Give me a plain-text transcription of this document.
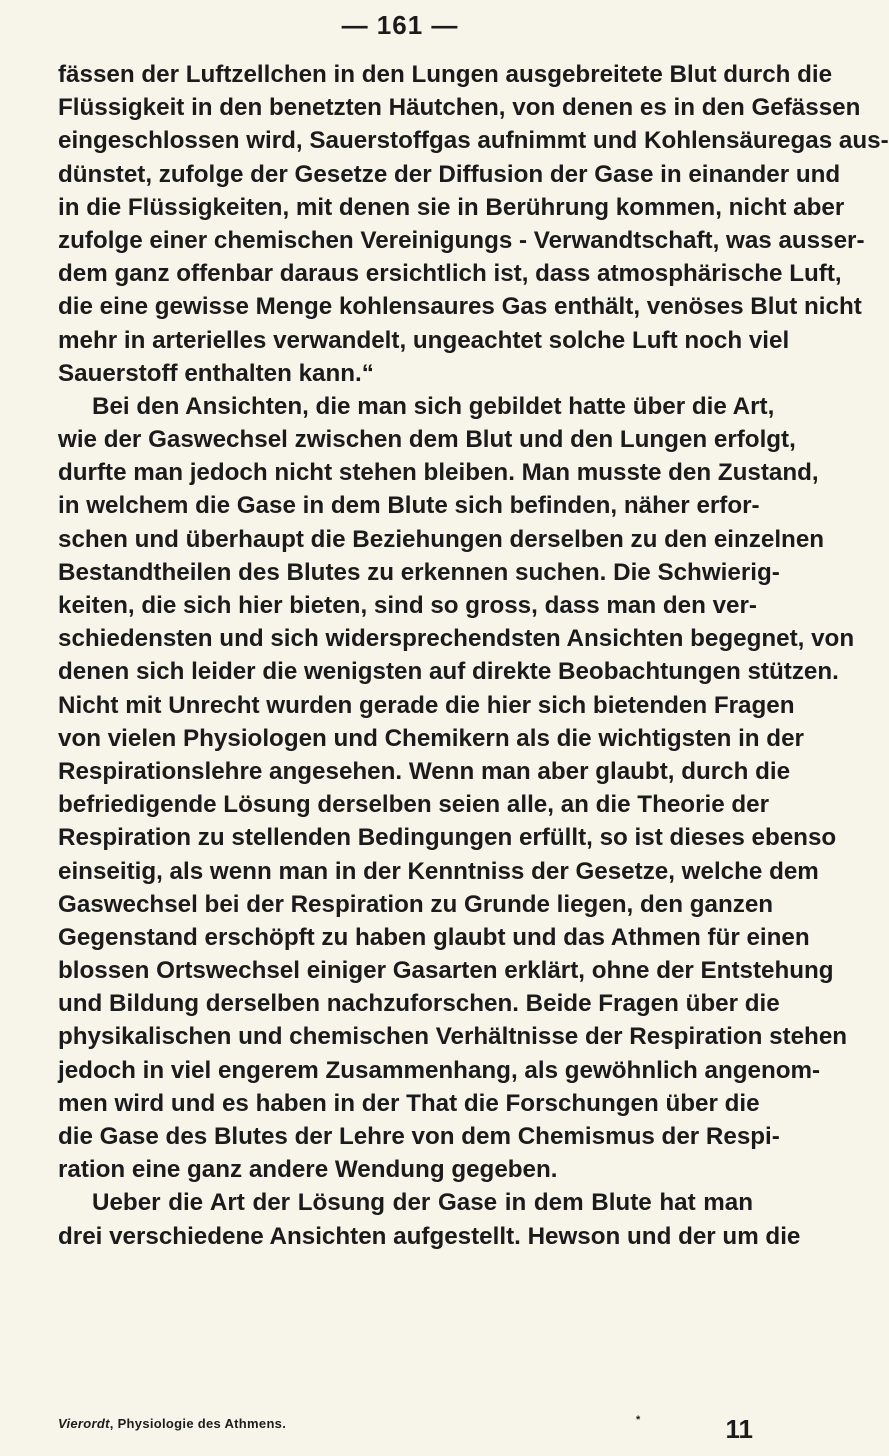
— 161 —
fässen der Luftzellchen in den Lungen ausgebreitete Blut durch die
Flüssigkeit in den benetzten Häutchen, von denen es in den Gefässen
eingeschlossen wird, Sauerstoffgas aufnimmt und Kohlensäuregas aus-
dünstet, zufolge der Gesetze der Diffusion der Gase in einander und
in die Flüssigkeiten, mit denen sie in Berührung kommen, nicht aber
zufolge einer chemischen Vereinigungs - Verwandtschaft, was ausser-
dem ganz offenbar daraus ersichtlich ist, dass atmosphärische Luft,
die eine gewisse Menge kohlensaures Gas enthält, venöses Blut nicht
mehr in arterielles verwandelt, ungeachtet solche Luft noch viel
Sauerstoff enthalten kann.“
Bei den Ansichten, die man sich gebildet hatte über die Art,
wie der Gaswechsel zwischen dem Blut und den Lungen erfolgt,
durfte man jedoch nicht stehen bleiben. Man musste den Zustand,
in welchem die Gase in dem Blute sich befinden, näher erfor-
schen und überhaupt die Beziehungen derselben zu den einzelnen
Bestandtheilen des Blutes zu erkennen suchen. Die Schwierig-
keiten, die sich hier bieten, sind so gross, dass man den ver-
schiedensten und sich widersprechendsten Ansichten begegnet, von
denen sich leider die wenigsten auf direkte Beobachtungen stützen.
Nicht mit Unrecht wurden gerade die hier sich bietenden Fragen
von vielen Physiologen und Chemikern als die wichtigsten in der
Respirationslehre angesehen. Wenn man aber glaubt, durch die
befriedigende Lösung derselben seien alle, an die Theorie der
Respiration zu stellenden Bedingungen erfüllt, so ist dieses ebenso
einseitig, als wenn man in der Kenntniss der Gesetze, welche dem
Gaswechsel bei der Respiration zu Grunde liegen, den ganzen
Gegenstand erschöpft zu haben glaubt und das Athmen für einen
blossen Ortswechsel einiger Gasarten erklärt, ohne der Entstehung
und Bildung derselben nachzuforschen. Beide Fragen über die
physikalischen und chemischen Verhältnisse der Respiration stehen
jedoch in viel engerem Zusammenhang, als gewöhnlich angenom-
men wird und es haben in der That die Forschungen über die
die Gase des Blutes der Lehre von dem Chemismus der Respi-
ration eine ganz andere Wendung gegeben.
Ueber die Art der Lösung der Gase in dem Blute hat man
drei verschiedene Ansichten aufgestellt. Hewson und der um die
Vierordt, Physiologie des Athmens.	*	11
